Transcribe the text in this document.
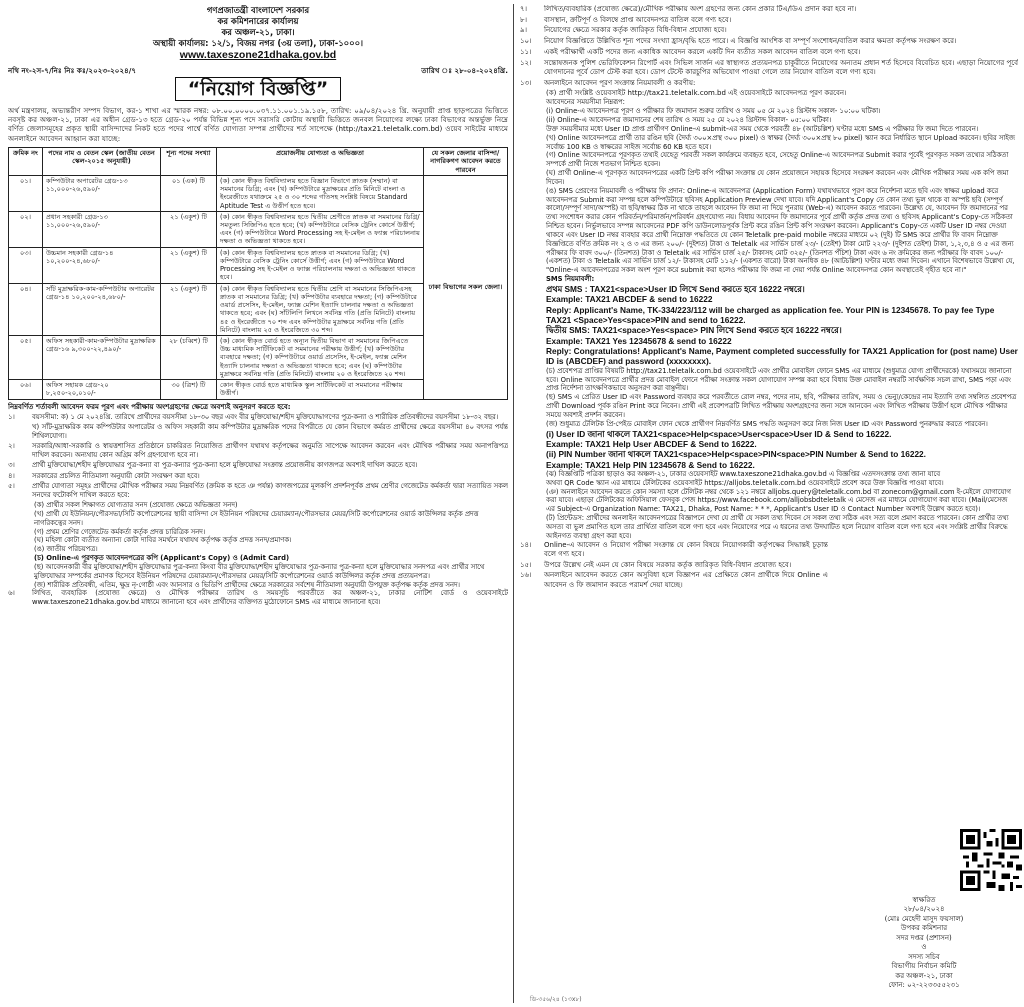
গণপ্রজাতন্ত্রী বাংলাদেশ সরকার
কর কমিশনারের কার্যালয়
কর অঞ্চল-২১, ঢাকা।
অস্থায়ী কার্যালয়: ১২/১, বিজয় নগর (৩য় তলা), ঢাকা-১০০০।
www.taxeszone21dhaka.gov.bd
নথি নং-২স-৭/নিঃ নিঃ কঃ/২০২৩-২০২৪/৭	তারিখ ঃ ২৮-০৪-২০২৪খ্রি.
“নিয়োগ বিজ্ঞপ্তি”

অর্থ মন্ত্রণালয়, অভ্যন্তরীণ সম্পদ বিভাগ, কর-১ শাখা এর স্মারক নম্বর: ০৮.০০.০০০০.০৩৭.১১.০০১.১৯.১৫৮, তারিখ: ০৯/০৪/২০২৪ খ্রি. অনুযায়ী প্রাপ্ত ছাড়পত্রের ভিত্তিতে নবসৃষ্ট কর অঞ্চল-২১, ঢাকা এর অধীন গ্রেড-১৩ হতে গ্রেড-২০ পর্যন্ত বিভিন্ন শূন্য পদে সরাসরি কোটায় অস্থায়ী ভিত্তিতে জনবল নিয়োগের লক্ষ্যে ঢাকা বিভাগের অন্তর্ভুক্ত নিম্নে বর্ণিত জেলাসমূহের প্রকৃত স্থায়ী বাসিন্দাদের নিকট হতে পদের পার্শ্বে বর্ণিত যোগ্যতা সম্পন্ন প্রার্থীদের শর্ত সাপেক্ষে (http://tax21.teletalk.com.bd) ওয়েব সাইটের মাধ্যমে অনলাইনে আবেদন আহ্বান করা যাচ্ছে:

ক্রমিক নং	পদের নাম ও বেতন স্কেল (জাতীয় বেতন স্কেল-২০১৫ অনুযায়ী)	শূন্য পদের সংখ্যা	প্রয়োজনীয় যোগ্যতা ও অভিজ্ঞতা	যে সকল জেলার বাসিন্দা/নাগরিকগণ আবেদন করতে পারবেন
০১।	কম্পিউটার অপারেটর গ্রেড-১৩ ১১,০০০-২৬,৫৯০/-	০১ (এক) টি	(ক) কোন স্বীকৃত বিশ্ববিদ্যালয় হতে বিজ্ঞান বিভাগে স্নাতক (সম্মান) বা সমমানের ডিগ্রি; এবং (খ) কম্পিউটারে মুদ্রাক্ষরের প্রতি মিনিটে বাংলা ও ইংরেজীতে যথাক্রমে ২৫ ও ৩০ শব্দের গতিসহ সংশ্লিষ্ট বিষয়ে Standard Aptitude Test এ উত্তীর্ণ হতে হবে।	ঢাকা বিভাগের সকল জেলা।
০২।	প্রধান সহকারী গ্রেড-১৩ ১১,০০০-২৬,৫৯০/-	২১ (একুশ) টি	(ক) কোন স্বীকৃত বিশ্ববিদ্যালয় হতে দ্বিতীয় শ্রেণীতে স্নাতক বা সমমানের ডিগ্রি/সমতুল্য সিজিপিএ হতে হবে; (খ) কম্পিউটারে বেসিক ট্রেনিং কোর্সে উত্তীর্ণ; এবং (গ) কম্পিউটারে Word Processing সহ ই-মেইল ও ফ্যাক্স পরিচালনায় দক্ষতা ও অভিজ্ঞতা থাকতে হবে।	
০৩।	উচ্চমান সহকারী গ্রেড-১৪ ১০,২০০-২৪,৬৮০/-	২১ (একুশ) টি	(ক) কোন স্বীকৃত বিশ্ববিদ্যালয় হতে স্নাতক বা সমমানের ডিগ্রি; (খ) কম্পিউটারে বেসিক ট্রেনিং কোর্সে উত্তীর্ণ; এবং (গ) কম্পিউটারে Word Processing সহ ই-মেইল ও ফ্যাক্স পরিচালনায় দক্ষতা ও অভিজ্ঞতা থাকতে হবে।	
০৪।	সাঁট মুদ্রাক্ষরিক-কাম-কম্পিউটার অপারেটর গ্রেড-১৪ ১০,২০০-২৪,৬৮০/-	২১ (একুশ) টি	(ক) কোন স্বীকৃত বিশ্ববিদ্যালয় হতে দ্বিতীয় শ্রেণি বা সমমানের সিজিপিএসহ স্নাতক বা সমমানের ডিগ্রি; (খ) কম্পিউটার ব্যবহারে দক্ষতা; (গ) কম্পিউটারে ওয়ার্ড প্রসেসিং, ই-মেইল, ফ্যাক্স মেশিন ইত্যাদি চালনার দক্ষতা ও অভিজ্ঞতা থাকতে হবে; এবং (ঘ) সাঁটলিপি লিখনে সর্বনিম্ন গতি (প্রতি মিনিটে) বাংলায় ৪৫ ও ইংরেজীতে ৭০ শব্দ এবং কম্পিউটার মুদ্রাক্ষরে সর্বনিম্ন গতি (প্রতি মিনিটে) বাংলায় ২৫ ও ইংরেজিতে ৩০ শব্দ।	
০৫।	অফিস সহকারী-কাম-কম্পিউটার মুদ্রাক্ষরিক গ্রেড-১৬ ৯,৩০০-২২,৪৯০/-	২৮ (চব্বিশ) টি	(ক) কোন স্বীকৃত বোর্ড হতে অন্যূন দ্বিতীয় বিভাগ বা সমমানের জিপিএতে উচ্চ মাধ্যমিক সার্টিফিকেট বা সমমানের পরীক্ষায় উত্তীর্ণ; (খ) কম্পিউটার ব্যবহারে দক্ষতা; (গ) কম্পিউটারে ওয়ার্ড প্রসেসিং, ই-মেইল, ফ্যাক্স মেশিন ইত্যাদি চালনার দক্ষতা ও অভিজ্ঞতা থাকতে হবে; এবং (ঘ) কম্পিউটার মুদ্রাক্ষরে সর্বনিম্ন গতি (প্রতি মিনিটে) বাংলায় ২০ ও ইংরেজিতে ২০ শব্দ।	
০৬।	অফিস সহায়ক গ্রেড-২০ ৮,২৫০-২০,০১০/-	৩০ (ত্রিশ) টি	কোন স্বীকৃত বোর্ড হতে মাধ্যমিক স্কুল সার্টিফিকেট বা সমমানের পরীক্ষায় উত্তীর্ণ।	
নিম্নবর্ণিত শর্তাবলী আবেদন ফরম পূরণ এবং পরীক্ষায় অংশগ্রহণের ক্ষেত্রে অবশ্যই অনুসরণ করতে হবে:
১।	বয়সসীমা: ক) ১ মে ২০২৪খ্রি. তারিখে প্রার্থীদের বয়সসীমা ১৮-৩০ বছর এবং বীর মুক্তিযোদ্ধা/শহীদ মুক্তিযোদ্ধাগণের পুত্র-কন্যা ও শারীরিক প্রতিবন্ধীদের বয়সসীমা ১৮-৩২ বছর।
খ) সাঁট-মুদ্রাক্ষরিক কাম কম্পিউটার অপারেটর ও অফিস সহকারী কাম কম্পিউটার মুদ্রাক্ষরিক পদের বিপরীতে যে কোন বিভাগে কর্মরত প্রার্থীদের ক্ষেত্রে বয়সসীমা ৪০ বৎসর পর্যন্ত শিথিলযোগ্য।
২।	সরকারি/আধা-সরকারি ও স্বায়ত্তশাসিত প্রতিষ্ঠানে চাকরিরত নিয়োজিত প্রার্থীগণ যথাযথ কর্তৃপক্ষের অনুমতি সাপেক্ষে আবেদন করবেন এবং মৌখিক পরীক্ষার সময় অনাপত্তিপত্র দাখিল করবেন। অন্যথায় কোন অগ্রিম কপি গ্রহণযোগ্য হবে না।
৩।	প্রার্থী মুক্তিযোদ্ধা/শহীদ মুক্তিযোদ্ধার পুত্র-কন্যা বা পুত্র-কন্যার পুত্র-কন্যা হলে মুক্তিযোদ্ধা সংক্রান্ত প্রয়োজনীয় কাগজপত্র অবশ্যই দাখিল করতে হবে।
৪।	সরকারের প্রচলিত নীতিমালা অনুযায়ী কোটা সংরক্ষণ করা হবে।
৫।	প্রার্থীর যোগ্যতা সমূহঃ প্রার্থীদের মৌখিক পরীক্ষার সময় নিম্নবর্ণিত (ক্রমিক ক হতে ঞ পর্যন্ত) কাগজপত্রের মূলকপি প্রদর্শনপূর্বক প্রথম শ্রেণীর গেজেটেড কর্মকর্তা দ্বারা সত্যায়িত সকল সনদের ফটোকপি দাখিল করতে হবে:
(ক) প্রার্থীর সকল শিক্ষাগত যোগ্যতার সনদ (প্রযোজ্য ক্ষেত্রে অভিজ্ঞতা সনদ)
(খ) প্রার্থী যে ইউনিয়ন/পৌরসভা/সিটি কর্পোরেশনের স্থায়ী বাসিন্দা সে ইউনিয়ন পরিষদের চেয়ারম্যান/পৌরসভার মেয়র/সিটি কর্পোরেশনের ওয়ার্ড কাউন্সিলর কর্তৃক প্রদত্ত নাগরিকত্বের সনদ।
(গ) প্রথম শ্রেণির গেজেটেড কর্মকর্তা কর্তৃক প্রদত্ত চারিত্রিক সনদ।
(ঘ) মহিলা কোটা ব্যতীত অন্যান্য কোটা দাবির সমর্থনে যথাযথ কর্তৃপক্ষ কর্তৃক প্রদত্ত সনদ/প্রমাণক।
(ঙ) জাতীয় পরিচয়পত্র।
(চ) Online-এ পূরণকৃত আবেদনপত্রের কপি (Applicant's Copy) ও (Admit Card)
(ছ) আবেদনকারী বীর মুক্তিযোদ্ধা/শহীদ মুক্তিযোদ্ধার পুত্র-কন্যা কিংবা বীর মুক্তিযোদ্ধা/শহীদ মুক্তিযোদ্ধার পুত্র-কন্যার পুত্র-কন্যা হলে মুক্তিযোদ্ধার সনদপত্র এবং প্রার্থীর সাথে মুক্তিযোদ্ধার সম্পর্কের প্রমাণক হিসেবে ইউনিয়ন পরিষদের চেয়ারম্যান/পৌরসভার মেয়র/সিটি কর্পোরেশনের ওয়ার্ড কাউন্সিলর কর্তৃক প্রদত্ত প্রত্যয়নপত্র।
(জ) শারীরিক প্রতিবন্ধী, এতিম, ক্ষুদ্র নৃ-গোষ্ঠী এবং আনসার ও ভিডিপি প্রার্থীদের ক্ষেত্রে সরকারের সর্বশেষ নীতিমালা অনুযায়ী উপযুক্ত কর্তৃপক্ষ কর্তৃক প্রদত্ত সনদ।
৬।	লিখিত, ব্যবহারিক (প্রযোজ্য ক্ষেত্রে) ও মৌখিক পরীক্ষার তারিখ ও সময়সূচি পরবর্তীতে কর অঞ্চল-২১, ঢাকার নোটিশ বোর্ড ও ওয়েবসাইটে www.taxeszone21dhaka.gov.bd মাধ্যমে জানানো হবে এবং প্রার্থীদের ব্যক্তিগত মুঠোফোনে SMS এর মাধ্যমে জানানো হবে।
৭।	লিখিত/ব্যবহারিক (প্রযোজ্য ক্ষেত্রে)/মৌখিক পরীক্ষায় অংশ গ্রহণের জন্য কোন প্রকার টিএ/ডিএ প্রদান করা হবে না।
৮।	বাসস্থান, ক্রটিপূর্ণ ও বিলম্বে প্রাপ্ত আবেদনপত্র বাতিল বলে গণ্য হবে।
৯।	নিয়োগের ক্ষেত্রে সরকার কর্তৃক জারিকৃত বিধি-বিধান প্রযোজ্য হবে।
১০।	নিয়োগ বিজ্ঞপ্তিতে উল্লিখিত শূন্য পদের সংখ্যা হ্রাস/বৃদ্ধি হতে পারে। এ বিজ্ঞপ্তি আংশিক বা সম্পূর্ণ সংশোধন/বাতিল করার ক্ষমতা কর্তৃপক্ষ সংরক্ষণ করে।
১১।	একই পরীক্ষার্থী একটি পদের জন্য একাধিক আবেদন করলে একটি দিন ব্যতীত সকল আবেদন বাতিল বলে গণ্য হবে।
১২।	সন্তোষজনক পুলিশ ভেরিফিকেশন রিপোর্ট এবং সিভিল সার্জন এর স্বাস্থ্যগত প্রত্যয়নপত্র চাকুরীতে নিয়োগের অন্যতম প্রধান শর্ত হিসেবে বিবেচিত হবে। এছাড়া নিয়োগের পূর্বে যোগদানের পূর্বে ডোপ টেস্ট করা হবে। ডোপ টেস্টে কারচুপির অভিযোগ পাওয়া গেলে তার নিয়োগ বাতিল বলে গণ্য হবে।
১৩।	অনলাইনে আবেদন পূরণ সংক্রান্ত নিয়মাবলী ও করণীয়:
(ক) প্রার্থী সংশ্লিষ্ট ওয়েবসাইট http://tax21.teletalk.com.bd এই ওয়েবসাইটে আবেদনপত্র পূরণ করবেন।
আবেদনের সময়সীমা নিম্নরূপ:
(i) Online-এ আবেদনপত্র পূরণ ও পরীক্ষার ফি জমাদান শুরুর তারিখ ও সময় ০৫ মে ২০২৪ খ্রিস্টাব্দ সকাল- ১০:০০ ঘটিকা।
(ii) Online-এ আবেদনপত্র জমাদানের শেষ তারিখ ও সময় ২৫ মে ২০২৪ খ্রিস্টাব্দ বিকাল- ০৫:০০ ঘটিকা।
উক্ত সময়সীমার মধ্যে User ID প্রাপ্ত প্রার্থীগণ Online-এ submit-এর সময় থেকে পরবর্তী ৪৮ (আটচল্লিশ) ঘণ্টার মধ্যে SMS এ পরীক্ষার ফি জমা দিতে পারবেন।
(খ) Online আবেদনপত্রে প্রার্থী তার রঙিন ছবি (দৈর্ঘ্য ৩০০×প্রস্থ ৩০০ pixel) ও স্বাক্ষর (দৈর্ঘ্য ৩০০×প্রস্থ ৮০ pixel) স্ক্যান করে নির্ধারিত স্থানে Upload করবেন। ছবির সাইজ সর্বোচ্চ 100 KB ও স্বাক্ষরের সাইজ সর্বোচ্চ 60 KB হতে হবে।
(গ) Online আবেদনপত্রে পূরণকৃত তথ্যই যেহেতু পরবর্তী সকল কার্যক্রমে ব্যবহৃত হবে, সেহেতু Online-এ আবেদনপত্র Submit করার পূর্বেই পূরণকৃত সকল তথ্যের সঠিকতা সম্পর্কে প্রার্থী নিজে শতভাগ নিশ্চিত হবেন।
(ঘ) প্রার্থী Online-এ পূরণকৃত আবেদনপত্রের একটি প্রিন্ট কপি পরীক্ষা সংক্রান্ত যে কোন প্রয়োজনে সহায়ক হিসেবে সংরক্ষণ করবেন এবং মৌখিক পরীক্ষার সময় এক কপি জমা দিবেন।
(ঙ) SMS প্রেরণের নিয়মাবলী ও পরীক্ষার ফি প্রদান: Online-এ আবেদনপত্র (Application Form) যথাযথভাবে পূরণ করে নির্দেশনা মতে ছবি এবং স্বাক্ষর upload করে আবেদনপত্র Submit করা সম্পন্ন হলে কম্পিউটারে ছবিসহ Application Preview দেখা যাবে। যদি Applicant's Copy তে কোন তথ্য ভুল থাকে বা অস্পষ্ট ছবি (সম্পূর্ণ কালো/সম্পূর্ণ সাদা/অস্পষ্ট) বা ছবি/স্বাক্ষর ঠিক না থাকে তাহলে আবেদন ফি জমা না দিয়ে পুনরায় (Web-এ) আবেদন করতে পারবেন। উল্লেখ্য যে, আবেদন ফি জমাদানের পর তথ্য সংশোধন করার কোন পরিবর্তন/পরিমার্জন/পরিবর্ধন গ্রহণযোগ্য নয়। বিধায় আবেদন ফি জমাদানের পূর্বে প্রার্থী কর্তৃক প্রদত্ত তথ্য ও ছবিসহ Applicant's Copy-তে সঠিকতা নিশ্চিত হবেন। নির্ভুলভাবে সম্পন্ন আবেদনের PDF কপি ডাউনলোডপূর্বক প্রিন্ট করে রঙিন প্রিন্ট কপি সংরক্ষণ করবেন। Applicant's Copy-তে একটি User ID নম্বর দেওয়া থাকবে এবং User ID নম্বর ব্যবহার করে প্রার্থী নিম্নোক্ত পদ্ধতিতে যে কোন Teletalk pre-paid mobile নম্বরের মাধ্যমে ০২ (দুই) টি SMS করে প্রার্থীর ফি বাবদ নিম্নোক্ত বিজ্ঞপ্তিতে বর্ণিত ক্রমিক নং ২ ও ৩ এর জন্য ২০০/- (দুইশত) টাকা ও Teletalk এর সার্ভিস চার্জ ২৩/- (তেইশ) টাকা মোট ২২৩/- (দুইশত তেইশ) টাকা, ১,২,৩,৪ ও ৫ এর জন্য পরীক্ষার ফি বাবদ ৩০০/- (তিনশত) টাকা ও Teletalk এর সার্ভিস চার্জ ২৫/- টাকাসহ মোট ৩২৫/- (তিনশত পঁচিশ) টাকা এবং ৬ নং ক্রমিকের জন্য পরীক্ষার ফি বাবদ ১০০/- (একশত) টাকা ও Teletalk এর সার্ভিস চার্জ ১২/- টাকাসহ মোট ১১২/- (একশত বারো) টাকা অনধিক ৪৮ (আটচল্লিশ) ঘণ্টার মধ্যে জমা দিবেন। এখানে বিশেষভাবে উল্লেখ্য যে, "Online-এ আবেদনপত্রের সকল অংশ পূরণ করে submit করা হলেও পরীক্ষার ফি জমা না দেয়া পর্যন্ত Online আবেদনপত্র কোন অবস্থাতেই গৃহীত হবে না।"
SMS নিয়মাবলী:
প্রথম SMS : TAX21<space>User ID লিখে Send করতে হবে 16222 নম্বরে।
Example: TAX21 ABCDEF & send to 16222
Reply: Applicant's Name, TK-334/223/112 will be charged as application fee. Your PIN is 12345678. To pay fee Type TAX21 <Space>Yes<space>PIN and send to 16222.
দ্বিতীয় SMS: TAX21<space>Yes<space> PIN লিখে Send করতে হবে 16222 নম্বরে।
Example: TAX21 Yes 12345678 & send to 16222
Reply: Congratulations! Applicant's Name, Payment completed successfully for TAX21 Application for (post name) User ID is (ABCDEF) and password (xxxxxxxx).
(চ) প্রবেশপত্র প্রাপ্তির বিষয়টি http://tax21.teletalk.com.bd ওয়েবসাইটে এবং প্রার্থীর মোবাইল ফোনে SMS এর মাধ্যমে (শুধুমাত্র যোগ্য প্রার্থীদেরকে) যথাসময়ে জানানো হবে। Online আবেদনপত্রে প্রার্থীর প্রদত্ত মোবাইল ফোনে পরীক্ষা সংক্রান্ত সকল যোগাযোগ সম্পন্ন করা হবে বিধায় উক্ত মোবাইল নম্বরটি সার্বক্ষণিক সচল রাখা, SMS পড়া এবং প্রাপ্ত নির্দেশনা তাৎক্ষণিকভাবে অনুসরণ করা বাঞ্ছনীয়।
(ছ) SMS এ প্রেরিত User ID এবং Password ব্যবহার করে পরবর্তীতে রোল নম্বর, পদের নাম, ছবি, পরীক্ষার তারিখ, সময় ও ভেন্যু/কেন্দ্রের নাম ইত্যাদি তথ্য সম্বলিত প্রবেশপত্র প্রার্থী Download পূর্বক রঙিন Print করে নিবেন। প্রার্থী এই প্রবেশপত্রটি লিখিত পরীক্ষায় অংশগ্রহণের জন্য সঙ্গে আনবেন এবং লিখিত পরীক্ষায় উত্তীর্ণ হলে মৌখিক পরীক্ষার সময়ে অবশ্যই প্রদর্শন করবেন।
(জ) শুধুমাত্র টেলিটক প্রি-পেইড মোবাইল ফোন থেকে প্রার্থীগণ নিম্নবর্ণিত SMS পদ্ধতি অনুসরণ করে নিজ নিজ User ID এবং Password পুনরুদ্ধার করতে পারবেন।
(i) User ID জানা থাকলে TAX21<space>Help<space>User<space>User ID & Send to 16222.
Example: TAX21 Help User ABCDEF & Send to 16222.
(ii) PIN Number জানা থাকলে TAX21<space>Help<space>PIN<space>PIN Number & Send to 16222.
Example: TAX21 Help PIN 12345678 & Send to 16222.
(ঝ) বিজ্ঞপ্তিটি পত্রিকা ছাড়াও কর অঞ্চল-২১, ঢাকার ওয়েবসাইট www.taxeszone21dhaka.gov.bd এ বিজ্ঞপ্তির এতদসংক্রান্ত তথ্য জানা যাবে অথবা QR Code স্ক্যান এর মাধ্যমে টেলিটকের ওয়েবসাইট https://alljobs.teletalk.com.bd ওয়েবসাইটে প্রবেশ করে উক্ত বিজ্ঞপ্তি পাওয়া যাবে।
(ঞ) অনলাইনে আবেদন করতে কোন সমস্যা হলে টেলিটক নম্বর থেকে ১২১ নম্বরে alljobs.query@teletalk.com.bd বা zonecom@gmail.com ই-মেইলে যোগাযোগ করা যাবে। এছাড়া টেলিটকের অফিসিয়াল ফেসবুক পেজ https://www.facebook.com/alljobsbdteletalk এ মেসেজ এর মাধ্যমে যোগাযোগ করা যাবে। (Mail/মেসেজ এর Subject-এ Organization Name: TAX21, Dhaka, Post Name: * * *, Applicant's User ID ও Contact Number অবশ্যই উল্লেখ করতে হবে)।
(ট) প্রিন্টেডস: প্রার্থীদের অনলাইন আবেদনপত্রের বিজ্ঞাপনে দেখা যে প্রার্থী যে সকল তথ্য দিবেন সে সকল তথ্য সঠিক এবং সত্য বলে প্রমাণ করতে পারবেন। কোন প্রার্থীর তথ্য অসত্য বা ভুল প্রমাণিত হলে তার প্রার্থিতা বাতিল বলে গণ্য হবে এবং নিয়োগের পরে এ ধরনের তথ্য উদঘাটিত হলে নিয়োগ বাতিল বলে গণ্য হবে এবং সংশ্লিষ্ট প্রার্থীর বিরুদ্ধে আইনগত ব্যবস্থা গ্রহণ করা হবে।
১৪।	Online-এ আবেদন ও নিয়োগ পরীক্ষা সংক্রান্ত যে কোন বিষয়ে নিয়োগকারী কর্তৃপক্ষের সিদ্ধান্তই চূড়ান্ত বলে গণ্য হবে।
১৫।	উপরে উল্লেখ নেই এমন যে কোন বিষয়ে সরকার কর্তৃক জারিকৃত বিধি-বিধান প্রযোজ্য হবে।
১৬।	অনলাইনে আবেদন করতে কোন অসুবিধা হলে বিজ্ঞাপন এর প্রেক্ষিতে কোন প্রার্থীকে দিয়ে Online এ আবেদন ও ফি জমাদান করতে পরামর্শ দেয়া যাচ্ছে।
স্বাক্ষরিত
২৮/০৪/২০২৪
(মোঃ মেহেদী মাসুদ ফয়সাল)
উপকর কমিশনার
সদর দপ্তর (প্রশাসন)
ও
সদস্য সচিব
বিভাগীয় নির্বাচন কমিটি
কর অঞ্চল-২১, ঢাকা
ফোন: ০২-২২৩৩৫৫২৩১
ডি-৩৫৬/২৪ (১৩x৮)
